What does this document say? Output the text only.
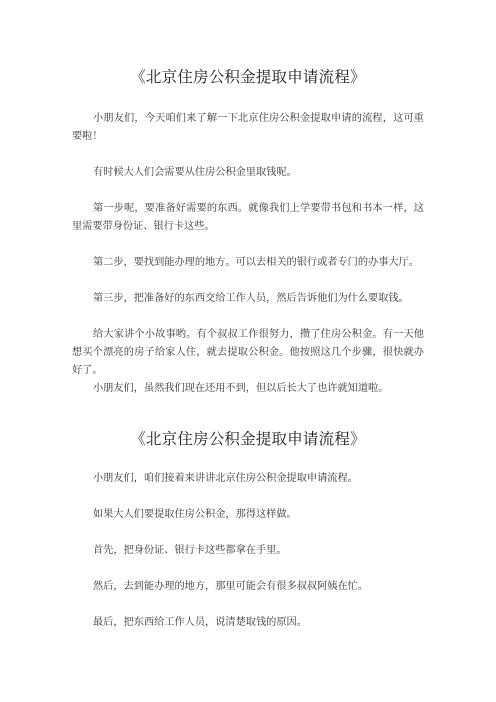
《北京住房公积金提取申请流程》

小朋友们，今天咱们来了解一下北京住房公积金提取申请的流程，这可重要啦！

有时候大人们会需要从住房公积金里取钱呢。

第一步呢，要准备好需要的东西。就像我们上学要带书包和书本一样，这里需要带身份证、银行卡这些。

第二步，要找到能办理的地方。可以去相关的银行或者专门的办事大厅。

第三步，把准备好的东西交给工作人员，然后告诉他们为什么要取钱。

给大家讲个小故事哟。有个叔叔工作很努力，攒了住房公积金。有一天他想买个漂亮的房子给家人住，就去提取公积金。他按照这几个步骤，很快就办好了。

小朋友们，虽然我们现在还用不到，但以后长大了也许就知道啦。

《北京住房公积金提取申请流程》

小朋友们，咱们接着来讲讲北京住房公积金提取申请流程。

如果大人们要提取住房公积金，那得这样做。

首先，把身份证、银行卡这些都拿在手里。

然后，去到能办理的地方，那里可能会有很多叔叔阿姨在忙。

最后，把东西给工作人员，说清楚取钱的原因。
